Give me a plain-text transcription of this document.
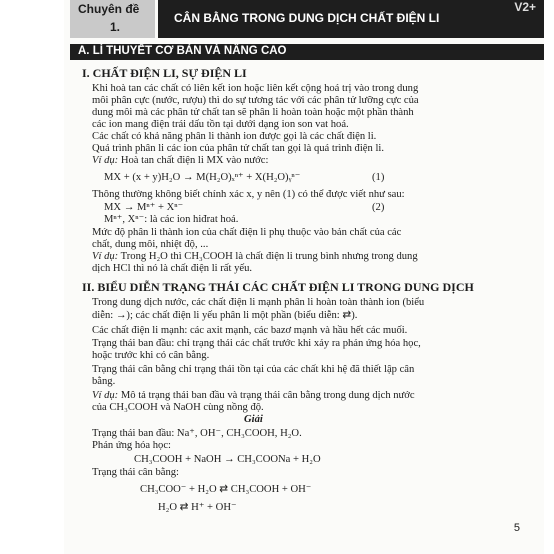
Chuyên đề
1.
CÂN BẰNG TRONG DUNG DỊCH CHẤT ĐIỆN LI
V2+
A. LÍ THUYẾT CƠ BẢN VÀ NÂNG CAO
I. CHẤT ĐIỆN LI, SỰ ĐIỆN LI
Khi hoà tan các chất có liên kết ion hoặc liên kết cộng hoá trị vào trong dung
môi phân cực (nước, rượu) thì do sự tương tác với các phân tử lưỡng cực của
dung môi mà các phân tử chất tan sẽ phân li hoàn toàn hoặc một phần thành
các ion mang điện trái dấu tồn tại dưới dạng ion son vat hoá.
Các chất có khả năng phân li thành ion được gọi là các chất điện li.
Quá trình phân li các ion của phân tử chất tan gọi là quá trình điện li.
Ví dụ: Hoà tan chất điện li MX vào nước:
MX + (x + y)H₂O → M(H₂O)ₓⁿ⁺ + X(H₂O)ᵧⁿ⁻	(1)
Thông thường không biết chính xác x, y nên (1) có thể được viết như sau:
MX → Mⁿ⁺ + Xⁿ⁻	(2)
Mⁿ⁺, Xⁿ⁻: là các ion hiđrat hoá.
Mức độ phân li thành ion của chất điện li phụ thuộc vào bản chất của các
chất, dung môi, nhiệt độ, ...
Ví dụ: Trong H₂O thì CH₃COOH là chất điện li trung bình nhưng trong dung
dịch HCl thì nó là chất điện li rất yếu.
II. BIỂU DIỄN TRẠNG THÁI CÁC CHẤT ĐIỆN LI TRONG DUNG DỊCH
Trong dung dịch nước, các chất điện li mạnh phân li hoàn toàn thành ion (biểu
diễn: →); các chất điện li yếu phân li một phần (biểu diễn: ⇄).
Các chất điện li mạnh: các axit mạnh, các bazơ mạnh và hầu hết các muối.
Trạng thái ban đầu: chỉ trạng thái các chất trước khi xảy ra phản ứng hóa học,
hoặc trước khi có cân bằng.
Trạng thái cân bằng chỉ trạng thái tồn tại của các chất khi hệ đã thiết lập cân
bằng.
Ví dụ: Mô tả trạng thái ban đầu và trạng thái cân bằng trong dung dịch nước
của CH₃COOH và NaOH cùng nồng độ.
Giải
Trạng thái ban đầu: Na⁺, OH⁻, CH₃COOH, H₂O.
Phản ứng hóa học:
CH₃COOH + NaOH → CH₃COONa + H₂O
Trạng thái cân bằng:
CH₃COO⁻ + H₂O ⇄ CH₃COOH + OH⁻
H₂O ⇄ H⁺ + OH⁻
5
